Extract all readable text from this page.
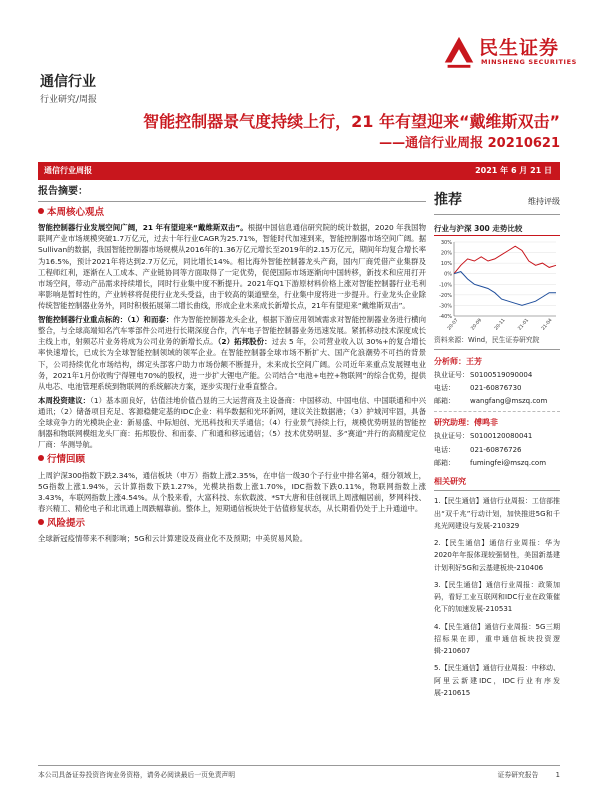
民生证券
MINSHENG SECURITIES
通信行业
行业研究/周报
智能控制器景气度持续上行，21 年有望迎来“戴维斯双击”
——通信行业周报 20210621
通信行业周报	2021 年 6 月 21 日
报告摘要：
本周核心观点
智能控制器行业发展空间广阔，21 年有望迎来“戴维斯双击”。根据中国信息通信研究院的统计数据，2020 年我国物联网产业市场规模突破1.7万亿元，过去十年行业CAGR为25.71%，智能时代加速到来，智能控制器市场空间广阔。据Sullivan的数据，我国智能控制器市场规模从2016年的1.36万亿元增长至2019年的2.15万亿元，期间年均复合增长率为16.5%，预计2021年将达到2.7万亿元，同比增长14%。相比海外智能控制器龙头产商，国内厂商凭借产业集群及工程师红利，逐渐在人工成本、产业链协同等方面取得了一定优势，促使国际市场逐渐向中国转移，新技术和应用打开市场空间，带动产品需求持续增长，同时行业集中度不断提升。2021年Q1下游原材料价格上涨对智能控制器行业毛利率影响是暂时性的，产业转移将促使行业龙头受益，由于较高的渠道壁垒，行业集中度将进一步提升。行业龙头企业除传统智能控制器业务外，同时积极拓展第二增长曲线，形成企业未来成长新增长点，21年有望迎来“戴维斯双击”。
智能控制器行业重点标的：（1）和而泰：作为智能控制器龙头企业，根据下游应用领域需求对智能控制器业务进行横向整合，与全球高端知名汽车零部件公司进行长期深度合作，汽车电子智能控制器业务迅速发展。紧抓移动技术深度成长主线上市，射频芯片业务将成为公司业务的新增长点。（2）拓邦股份：过去 5 年，公司营业收入以 30%+的复合增长率快速增长，已成长为全球智能控制领域的领军企业。在智能控制器全球市场不断扩大、国产化浪潮势不可挡的背景下，公司持续优化市场结构，绑定头部客户助力市场份额不断提升，未来成长空间广阔。公司近年来重点发展锂电业务，2021年1月份收购宁得锂电70%的股权，进一步扩大锂电产能。公司结合“电池+电控+物联网”的综合优势，提供从电芯、电池管理系统到物联网的系统解决方案，逐步实现行业垂直整合。
本周投资建议：（1）基本面良好，估值洼地价值凸显的三大运营商及主设备商：中国移动、中国电信、中国联通和中兴通讯；（2）储备项目充足、客源稳健定基的IDC企业：科华数据和光环新网，建议关注数据港；（3）护城河牢固，具备全球竞争力的光模块企业：新易盛、中际旭创、光迅科技和天孚通信；（4）行业景气持续上行，规模优势明显的智能控制器和物联网模组龙头厂商：拓邦股份、和而泰、广和通和移远通信；（5）技术优势明显、多“赛道”并行的高精度定位厂商：华测导航。
行情回顾
上周沪深300指数下跌2.34%，通信板块（申万）指数上涨2.35%，在申信一级30个子行业中排名第4，细分领域上，5G指数上涨1.94%，云计算指数下跌1.27%，光模块指数上涨1.70%，IDC指数下跌0.11%，物联网指数上涨3.43%，车联网指数上涨4.54%。从个股来看，大富科技、东软载波、*ST大唐和佳创视讯上周涨幅居前，梦网科技、春兴精工、精伦电子和北讯通上周跌幅靠前。整体上，短期通信板块处于估值修复状态，从长期看仍处于上升通道中。
风险提示
全球新冠疫情带来不利影响；5G和云计算建设及商业化不及预期；中美贸易风险。
推荐	维持评级
行业与沪深 300 走势比较
30%
20%
10%
0%
-10%
-20%
-30%
-40%
20-07 20-09 20-11 21-01 21-04
资料来源：Wind，民生证券研究院
分析师：王芳
执业证号： S0100519090004
电话：	021-60876730
邮箱：	wangfang@mszq.com
研究助理：傅鸣非
执业证号： S0100120080041
电话：	021-60876726
邮箱：	fumingfei@mszq.com
相关研究
1.【民生通信】通信行业周报：工信部推出“双千兆”行动计划，加快推进5G和千兆光网建设与发展-210329
2.【民生通信】通信行业周报：华为2020年年报体现较强韧性，美国新基建计划利好5G和云基建板块-210406
3.【民生通信】通信行业周报：政策加码，看好工业互联网和IDC行业在政策催化下的加速发展-210531
4.【民生通信】通信行业周报：5G三期招标果在即，重申通信板块投资逻辑-210607
5.【民生通信】通信行业周报：中移动、阿里云新建IDC，IDC行业有序发展-210615
本公司具备证券投资咨询业务资格，请务必阅读最后一页免责声明	证券研究报告	1
